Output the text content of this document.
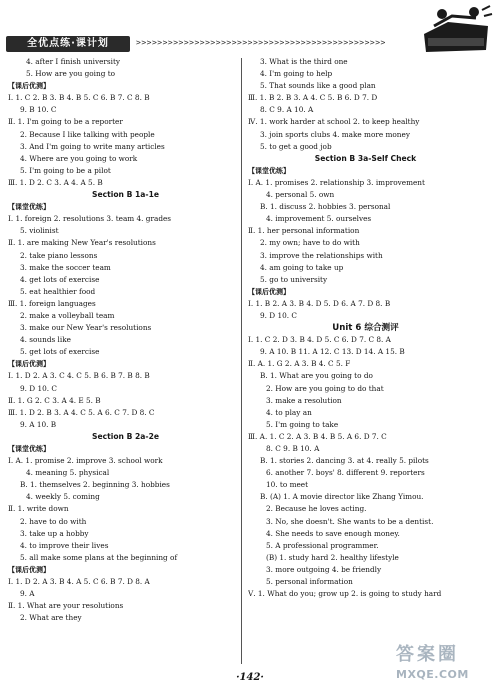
全优点练·课计划	>>>>>>>>>>>>>>>>>>>>>>>>>>>>>>>>>>>>>>>>>>>>>>>
4. after I finish university
5. How are you going to
【课后优测】
Ⅰ. 1. C 2. B 3. B 4. B 5. C 6. B 7. C 8. B
9. B 10. C
Ⅱ. 1. I'm going to be a reporter
2. Because I like talking with people
3. And I'm going to write many articles
4. Where are you going to work
5. I'm going to be a pilot
Ⅲ. 1. D 2. C 3. A 4. A 5. B
Section B 1a-1e
【课堂优练】
Ⅰ. 1. foreign 2. resolutions 3. team 4. grades
5. violinist
Ⅱ. 1. are making New Year's resolutions
2. take piano lessons
3. make the soccer team
4. get lots of exercise
5. eat healthier food
Ⅲ. 1. foreign languages
2. make a volleyball team
3. make our New Year's resolutions
4. sounds like
5. get lots of exercise
【课后优测】
Ⅰ. 1. D 2. A 3. C 4. C 5. B 6. B 7. B 8. B
9. D 10. C
Ⅱ. 1. G 2. C 3. A 4. E 5. B
Ⅲ. 1. D 2. B 3. A 4. C 5. A 6. C 7. D 8. C
9. A 10. B
Section B 2a-2e
【课堂优练】
Ⅰ. A. 1. promise 2. improve 3. school work
4. meaning 5. physical
B. 1. themselves 2. beginning 3. hobbies
4. weekly 5. coming
Ⅱ. 1. write down
2. have to do with
3. take up a hobby
4. to improve their lives
5. all make some plans at the beginning of
【课后优测】
Ⅰ. 1. D 2. A 3. B 4. A 5. C 6. B 7. D 8. A
9. A
Ⅱ. 1. What are your resolutions
2. What are they
3. What is the third one
4. I'm going to help
5. That sounds like a good plan
Ⅲ. 1. B 2. B 3. A 4. C 5. B 6. D 7. D
8. C 9. A 10. A
Ⅳ. 1. work harder at school 2. to keep healthy
3. join sports clubs 4. make more money
5. to get a good job
Section B 3a-Self Check
【课堂优练】
Ⅰ. A. 1. promises 2. relationship 3. improvement
4. personal 5. own
B. 1. discuss 2. hobbies 3. personal
4. improvement 5. ourselves
Ⅱ. 1. her personal information
2. my own; have to do with
3. improve the relationships with
4. am going to take up
5. go to university
【课后优测】
Ⅰ. 1. B 2. A 3. B 4. D 5. D 6. A 7. D 8. B
9. D 10. C
Unit 6 综合测评
Ⅰ. 1. C 2. D 3. B 4. D 5. C 6. D 7. C 8. A
9. A 10. B 11. A 12. C 13. D 14. A 15. B
Ⅱ. A. 1. G 2. A 3. B 4. C 5. F
B. 1. What are you going to do
2. How are you going to do that
3. make a resolution
4. to play an
5. I'm going to take
Ⅲ. A. 1. C 2. A 3. B 4. B 5. A 6. D 7. C
8. C 9. B 10. A
B. 1. stories 2. dancing 3. at 4. really 5. pilots
6. another 7. boys' 8. different 9. reporters
10. to meet
B. (A) 1. A movie director like Zhang Yimou.
2. Because he loves acting.
3. No, she doesn't. She wants to be a dentist.
4. She needs to save enough money.
5. A professional programmer.
(B) 1. study hard 2. healthy lifestyle
3. more outgoing 4. be friendly
5. personal information
Ⅴ. 1. What do you; grow up 2. is going to study hard
·142·
答案圈
MXQE.COM
